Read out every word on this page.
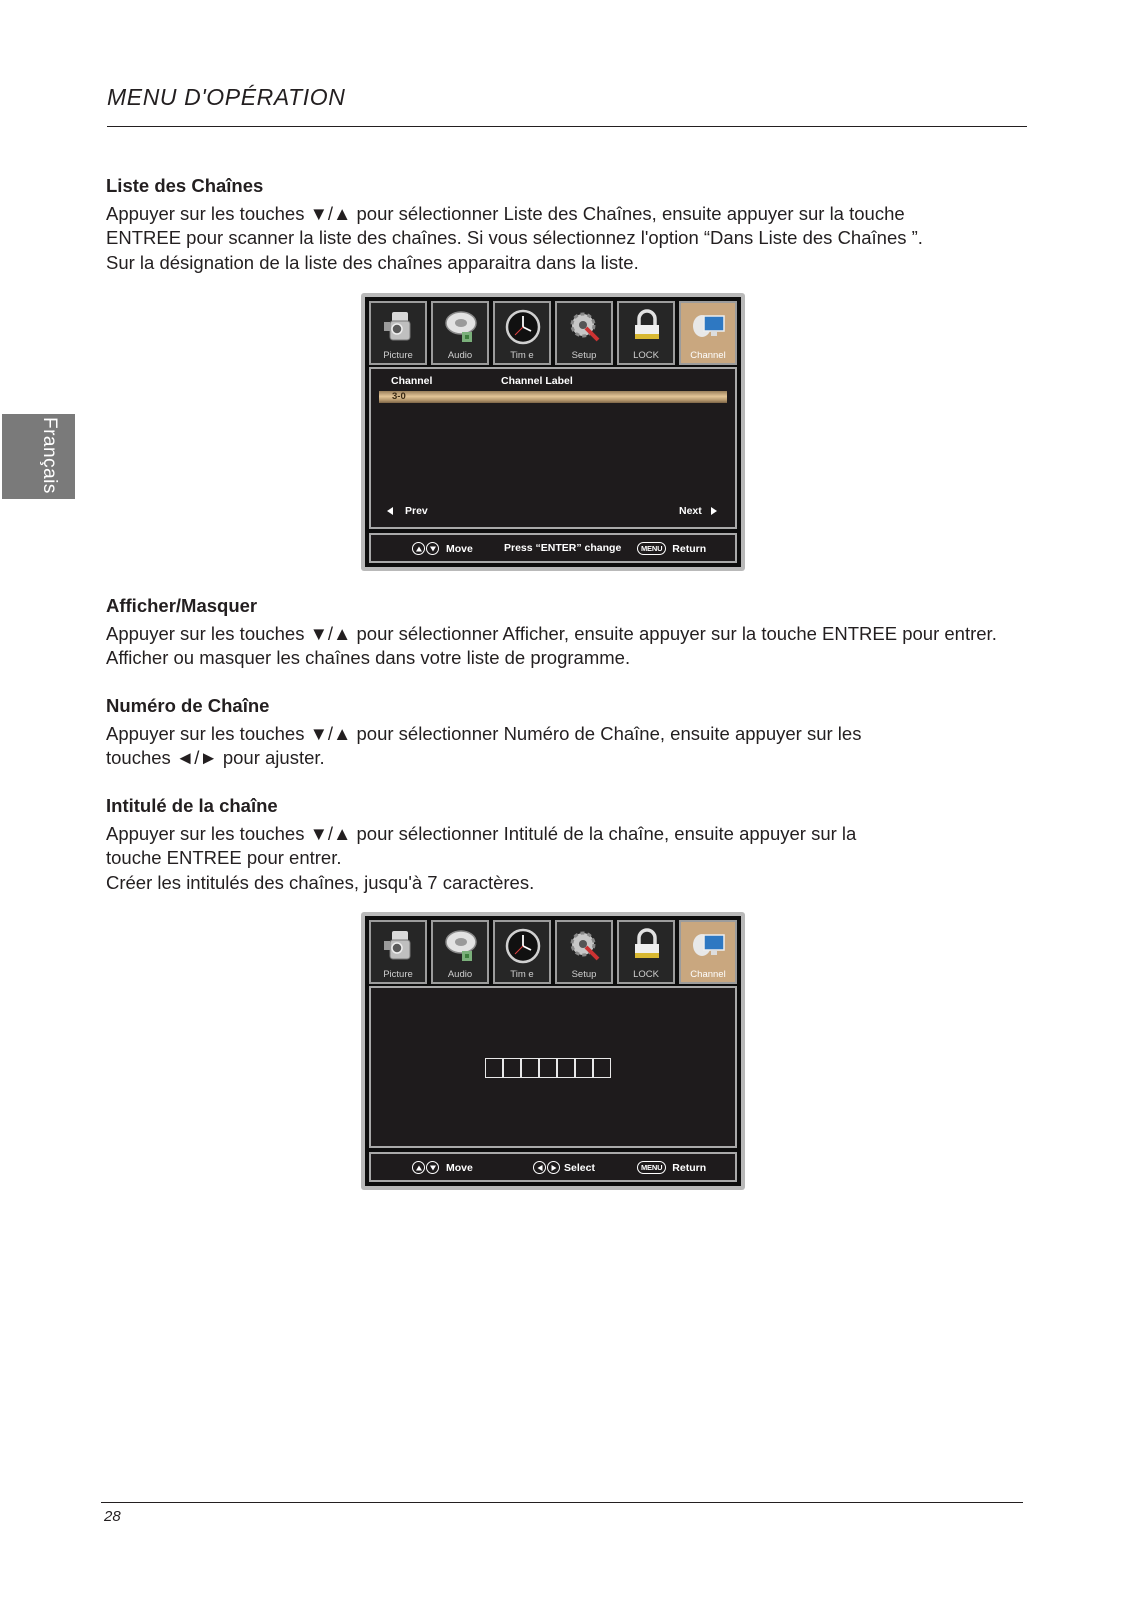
MENU D'OPÉRATION
Français
Liste des Chaînes

Appuyer sur les touches ▼/▲ pour sélectionner Liste des Chaînes, ensuite appuyer sur la touche

ENTREE pour scanner la liste des chaînes. Si vous sélectionnez l'option “Dans Liste des Chaînes ”.

Sur la désignation de la liste des chaînes apparaitra dans la liste.

Picture	Audio	Tim e	Setup	LOCK	Channel
Channel	Channel Label
3-0
Prev	Next
Move	Press “ENTER” change	MENU Return
Afficher/Masquer

Appuyer sur les touches ▼/▲ pour sélectionner Afficher, ensuite appuyer sur la touche ENTREE pour entrer.

Afficher ou masquer les chaînes dans votre liste de programme.

Numéro de Chaîne

Appuyer sur les touches ▼/▲ pour sélectionner Numéro de Chaîne, ensuite appuyer sur les

touches ◄/► pour ajuster.

Intitulé de la chaîne

Appuyer sur les touches ▼/▲ pour sélectionner Intitulé de la chaîne, ensuite appuyer sur la

touche ENTREE pour entrer.

Créer les intitulés des chaînes, jusqu'à 7 caractères.

Picture	Audio	Tim e	Setup	LOCK	Channel
Move	Select	MENU Return
28
